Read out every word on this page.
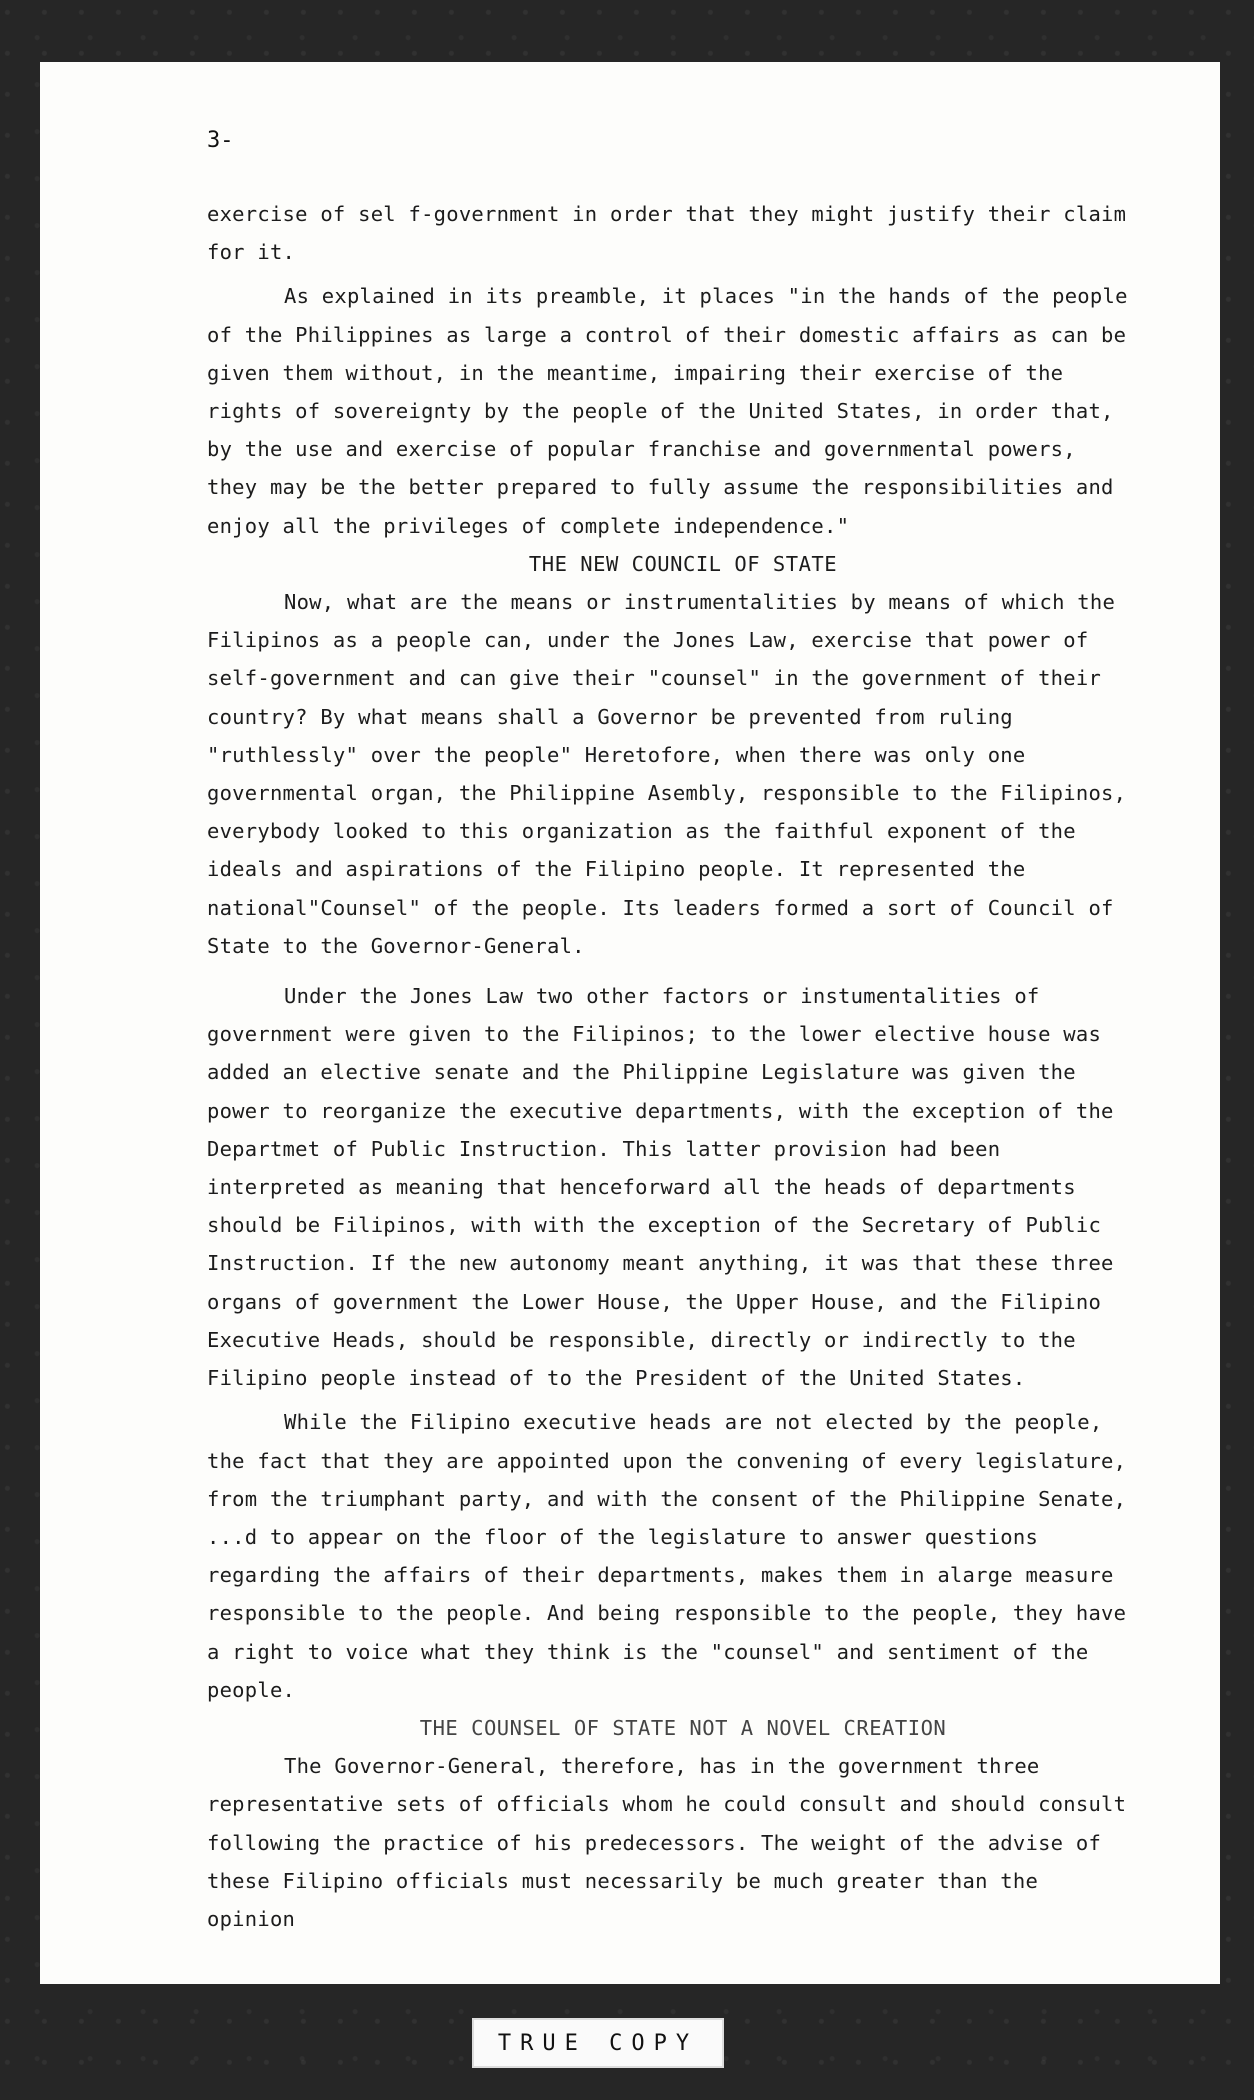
3-

exercise of sel f-government in order that they might justify their claim for it.

As explained in its preamble, it places "in the hands of the people of the Philippines as large a control of their domestic affairs as can be given them without, in the meantime, impairing their exercise of the rights of sovereignty by the people of the United States, in order that, by the use and exercise of popular franchise and governmental powers, they may be the better prepared to fully assume the responsibilities and enjoy all the privileges of complete independence."

THE NEW COUNCIL OF STATE

Now, what are the means or instrumentalities by means of which the Filipinos as a people can, under the Jones Law, exercise that power of self-government and can give their "counsel" in the government of their country? By what means shall a Governor be prevented from ruling "ruthlessly" over the people" Heretofore, when there was only one governmental organ, the Philippine Asembly, responsible to the Filipinos, everybody looked to this organization as the faithful exponent of the ideals and aspirations of the Filipino people. It represented the national"Counsel" of the people. Its leaders formed a sort of Council of State to the Governor-General.

Under the Jones Law two other factors or instumentalities of government were given to the Filipinos; to the lower elective house was added an elective senate and the Philippine Legislature was given the power to reorganize the executive departments, with the exception of the Departmet of Public Instruction. This latter provision had been interpreted as meaning that henceforward all the heads of departments should be Filipinos, with with the exception of the Secretary of Public Instruction. If the new autonomy meant anything, it was that these three organs of government the Lower House, the Upper House, and the Filipino Executive Heads, should be responsible, directly or indirectly to the Filipino people instead of to the President of the United States.

While the Filipino executive heads are not elected by the people, the fact that they are appointed upon the convening of every legislature, from the triumphant party, and with the consent of the Philippine Senate, ...d to appear on the floor of the legislature to answer questions regarding the affairs of their departments, makes them in alarge measure responsible to the people. And being responsible to the people, they have a right to voice what they think is the "counsel" and sentiment of the people.

THE COUNSEL OF STATE NOT A NOVEL CREATION

The Governor-General, therefore, has in the government three representative sets of officials whom he could consult and should consult following the practice of his predecessors. The weight of the advise of these Filipino officials must necessarily be much greater than the opinion

TRUE COPY
